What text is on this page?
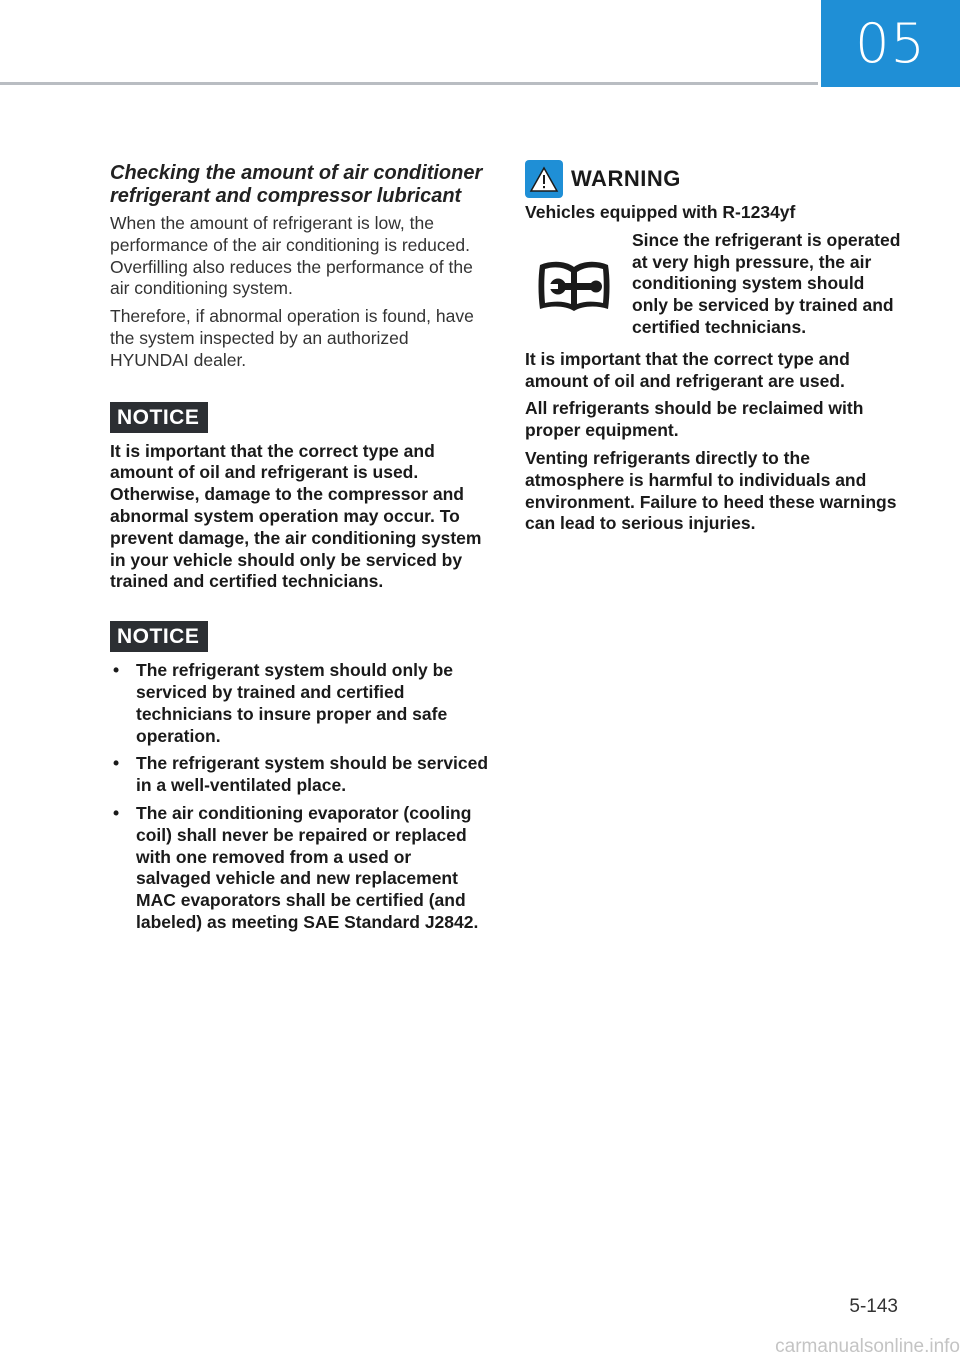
05
Checking the amount of air conditioner refrigerant and compressor lubricant

When the amount of refrigerant is low, the performance of the air conditioning is reduced. Overfilling also reduces the performance of the air conditioning system.

Therefore, if abnormal operation is found, have the system inspected by an authorized HYUNDAI dealer.

NOTICE

It is important that the correct type and amount of oil and refrigerant is used. Otherwise, damage to the compressor and abnormal system operation may occur. To prevent damage, the air conditioning system in your vehicle should only be serviced by trained and certified technicians.

NOTICE
• The refrigerant system should only be serviced by trained and certified technicians to insure proper and safe operation.
• The refrigerant system should be serviced in a well-ventilated place.
• The air conditioning evaporator (cooling coil) shall never be repaired or replaced with one removed from a used or salvaged vehicle and new replacement MAC evaporators shall be certified (and labeled) as meeting SAE Standard J2842.
WARNING

Vehicles equipped with R-1234yf

Since the refrigerant is operated at very high pressure, the air conditioning system should only be serviced by trained and certified technicians.

It is important that the correct type and amount of oil and refrigerant are used.

All refrigerants should be reclaimed with proper equipment.

Venting refrigerants directly to the atmosphere is harmful to individuals and environment. Failure to heed these warnings can lead to serious injuries.

5-143
carmanualsonline.info
